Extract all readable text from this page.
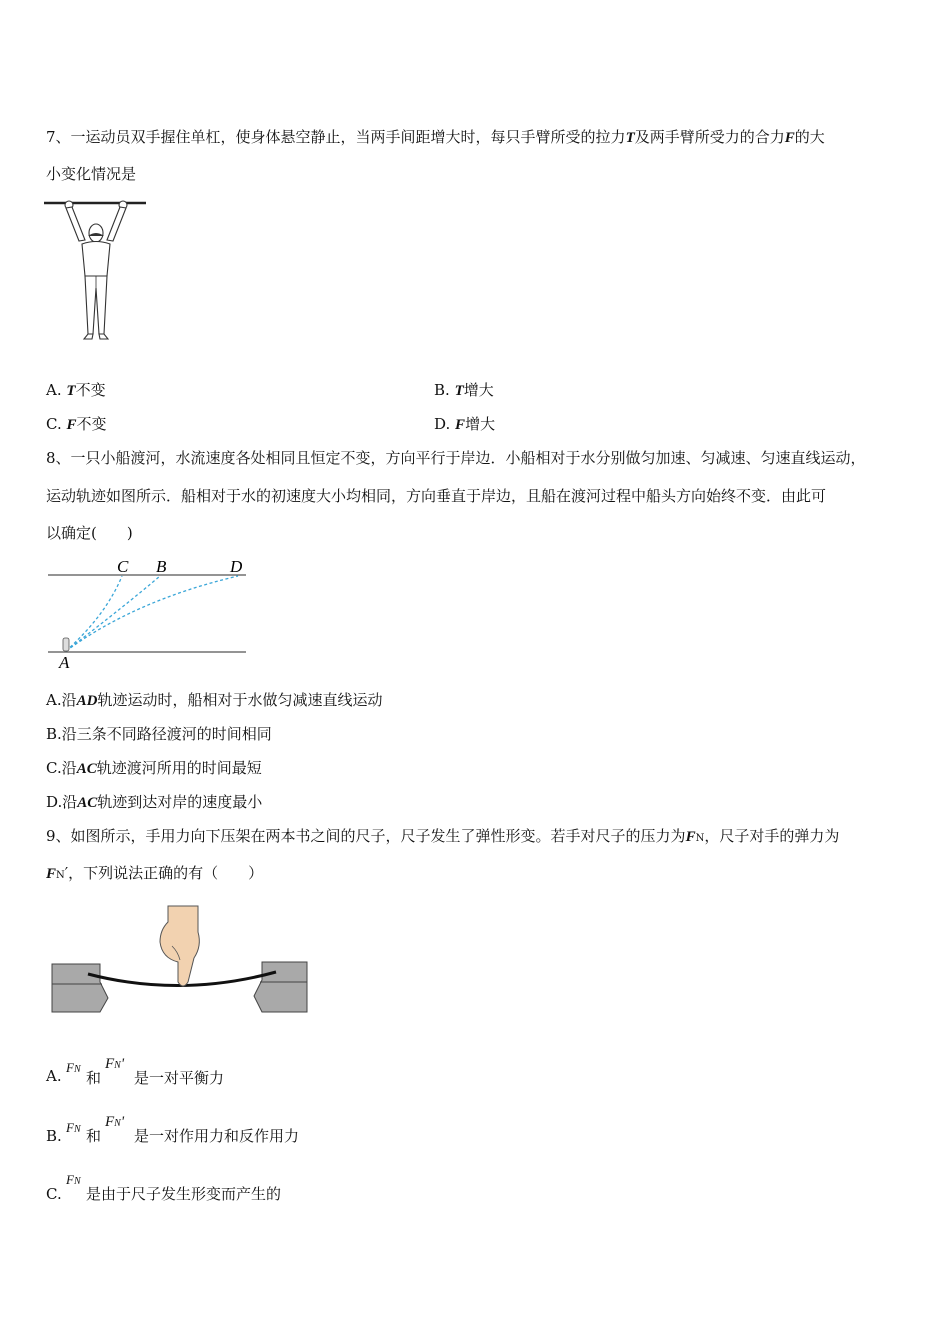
7、一运动员双手握住单杠，使身体悬空静止，当两手间距增大时，每只手臂所受的拉力T及两手臂所受力的合力F的大
小变化情况是
A. T不变	B. T增大
C. F不变	D. F增大
8、一只小船渡河，水流速度各处相同且恒定不变，方向平行于岸边．小船相对于水分别做匀加速、匀减速、匀速直线运动，
运动轨迹如图所示．船相对于水的初速度大小均相同，方向垂直于岸边，且船在渡河过程中船头方向始终不变．由此可
以确定(　　)
C B	D
A
A.沿AD轨迹运动时，船相对于水做匀减速直线运动
B.沿三条不同路径渡河的时间相同
C.沿AC轨迹渡河所用的时间最短
D.沿AC轨迹到达对岸的速度最小
9、如图所示，手用力向下压架在两本书之间的尺子，尺子发生了弹性形变。若手对尺子的压力为FN，尺子对手的弹力为
FN′，下列说法正确的有（　　）
A. FN 和
FN'
是一对平衡力
B. FN 和
FN'
是一对作用力和反作用力
C.
FN
是由于尺子发生形变而产生的
